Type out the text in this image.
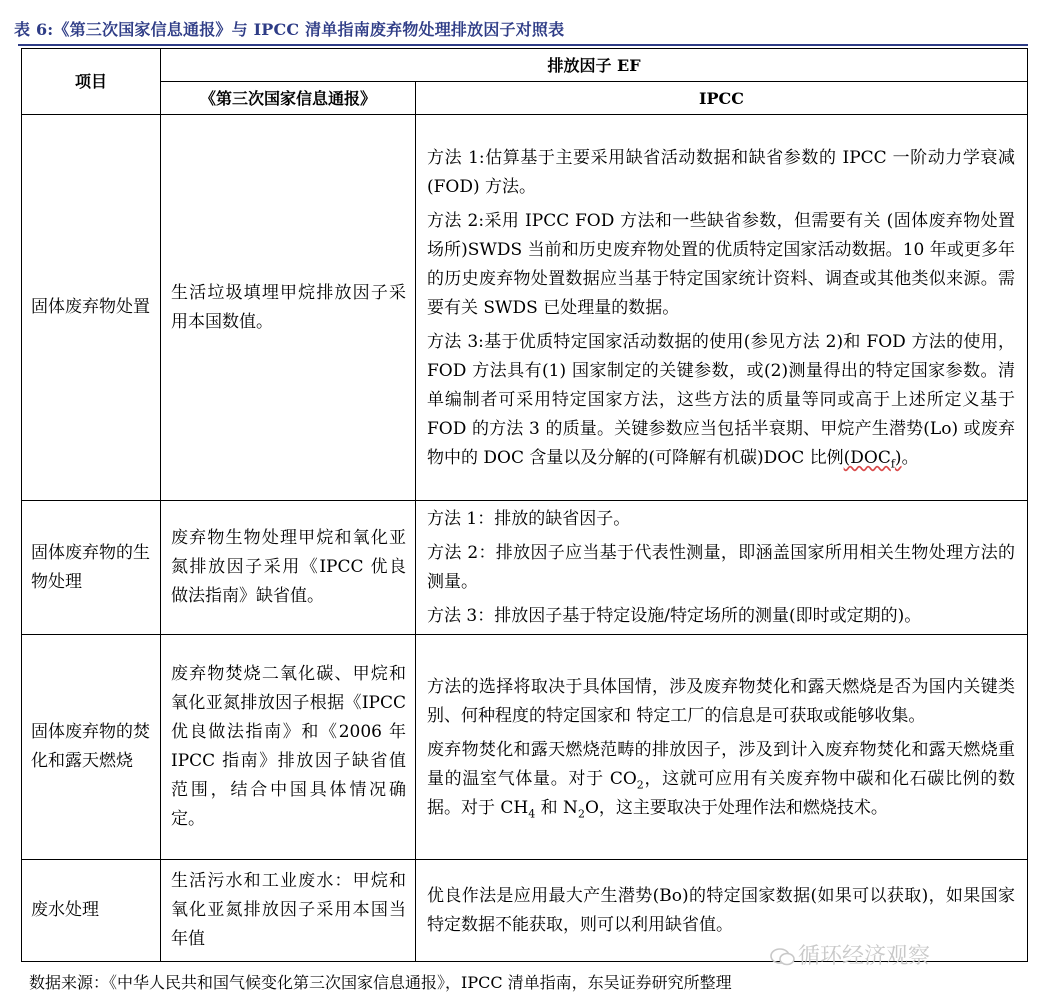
表 6:《第三次国家信息通报》与 IPCC 清单指南废弃物处理排放因子对照表
项目	排放因子 EF	
	《第三次国家信息通报》	IPCC
固体废弃物处置	生活垃圾填埋甲烷排放因子采用本国数值。	方法 1:估算基于主要采用缺省活动数据和缺省参数的 IPCC 一阶动力学衰减(FOD) 方法。
方法 2:采用 IPCC FOD 方法和一些缺省参数，但需要有关 (固体废弃物处置场所)SWDS 当前和历史废弃物处置的优质特定国家活动数据。10 年或更多年的历史废弃物处置数据应当基于特定国家统计资料、调查或其他类似来源。需要有关 SWDS 已处理量的数据。
方法 3:基于优质特定国家活动数据的使用(参见方法 2)和 FOD 方法的使用，FOD 方法具有(1) 国家制定的关键参数，或(2)测量得出的特定国家参数。清单编制者可采用特定国家方法，这些方法的质量等同或高于上述所定义基于 FOD 的方法 3 的质量。关键参数应当包括半衰期、甲烷产生潜势(Lo) 或废弃物中的 DOC 含量以及分解的(可降解有机碳)DOC 比例$(DOC_f)$。

固体废弃物的生物处理	废弃物生物处理甲烷和氧化亚氮排放因子采用《IPCC 优良做法指南》缺省值。	方法 1：排放的缺省因子。
方法 2：排放因子应当基于代表性测量，即涵盖国家所用相关生物处理方法的测量。
方法 3：排放因子基于特定设施/特定场所的测量(即时或定期的)。

固体废弃物的焚化和露天燃烧	废弃物焚烧二氧化碳、甲烷和氧化亚氮排放因子根据《IPCC 优良做法指南》和《2006 年 IPCC 指南》排放因子缺省值范围，结合中国具体情况确定。	方法的选择将取决于具体国情，涉及废弃物焚化和露天燃烧是否为国内关键类别、何种程度的特定国家和 特定工厂的信息是可获取或能够收集。
废弃物焚化和露天燃烧范畴的排放因子，涉及到计入废弃物焚化和露天燃烧重量的温室气体量。对于 $CO_2$，这就可应用有关废弃物中碳和化石碳比例的数据。对于 $CH_4$ 和 $N_2O$，这主要取决于处理作法和燃烧技术。

废水处理	生活污水和工业废水：甲烷和氧化亚氮排放因子采用本国当年值	优良作法是应用最大产生潜势(Bo)的特定国家数据(如果可以获取)，如果国家特定数据不能获取，则可以利用缺省值。
循环经济观察
数据来源：《中华人民共和国气候变化第三次国家信息通报》，IPCC 清单指南，东吴证券研究所整理
